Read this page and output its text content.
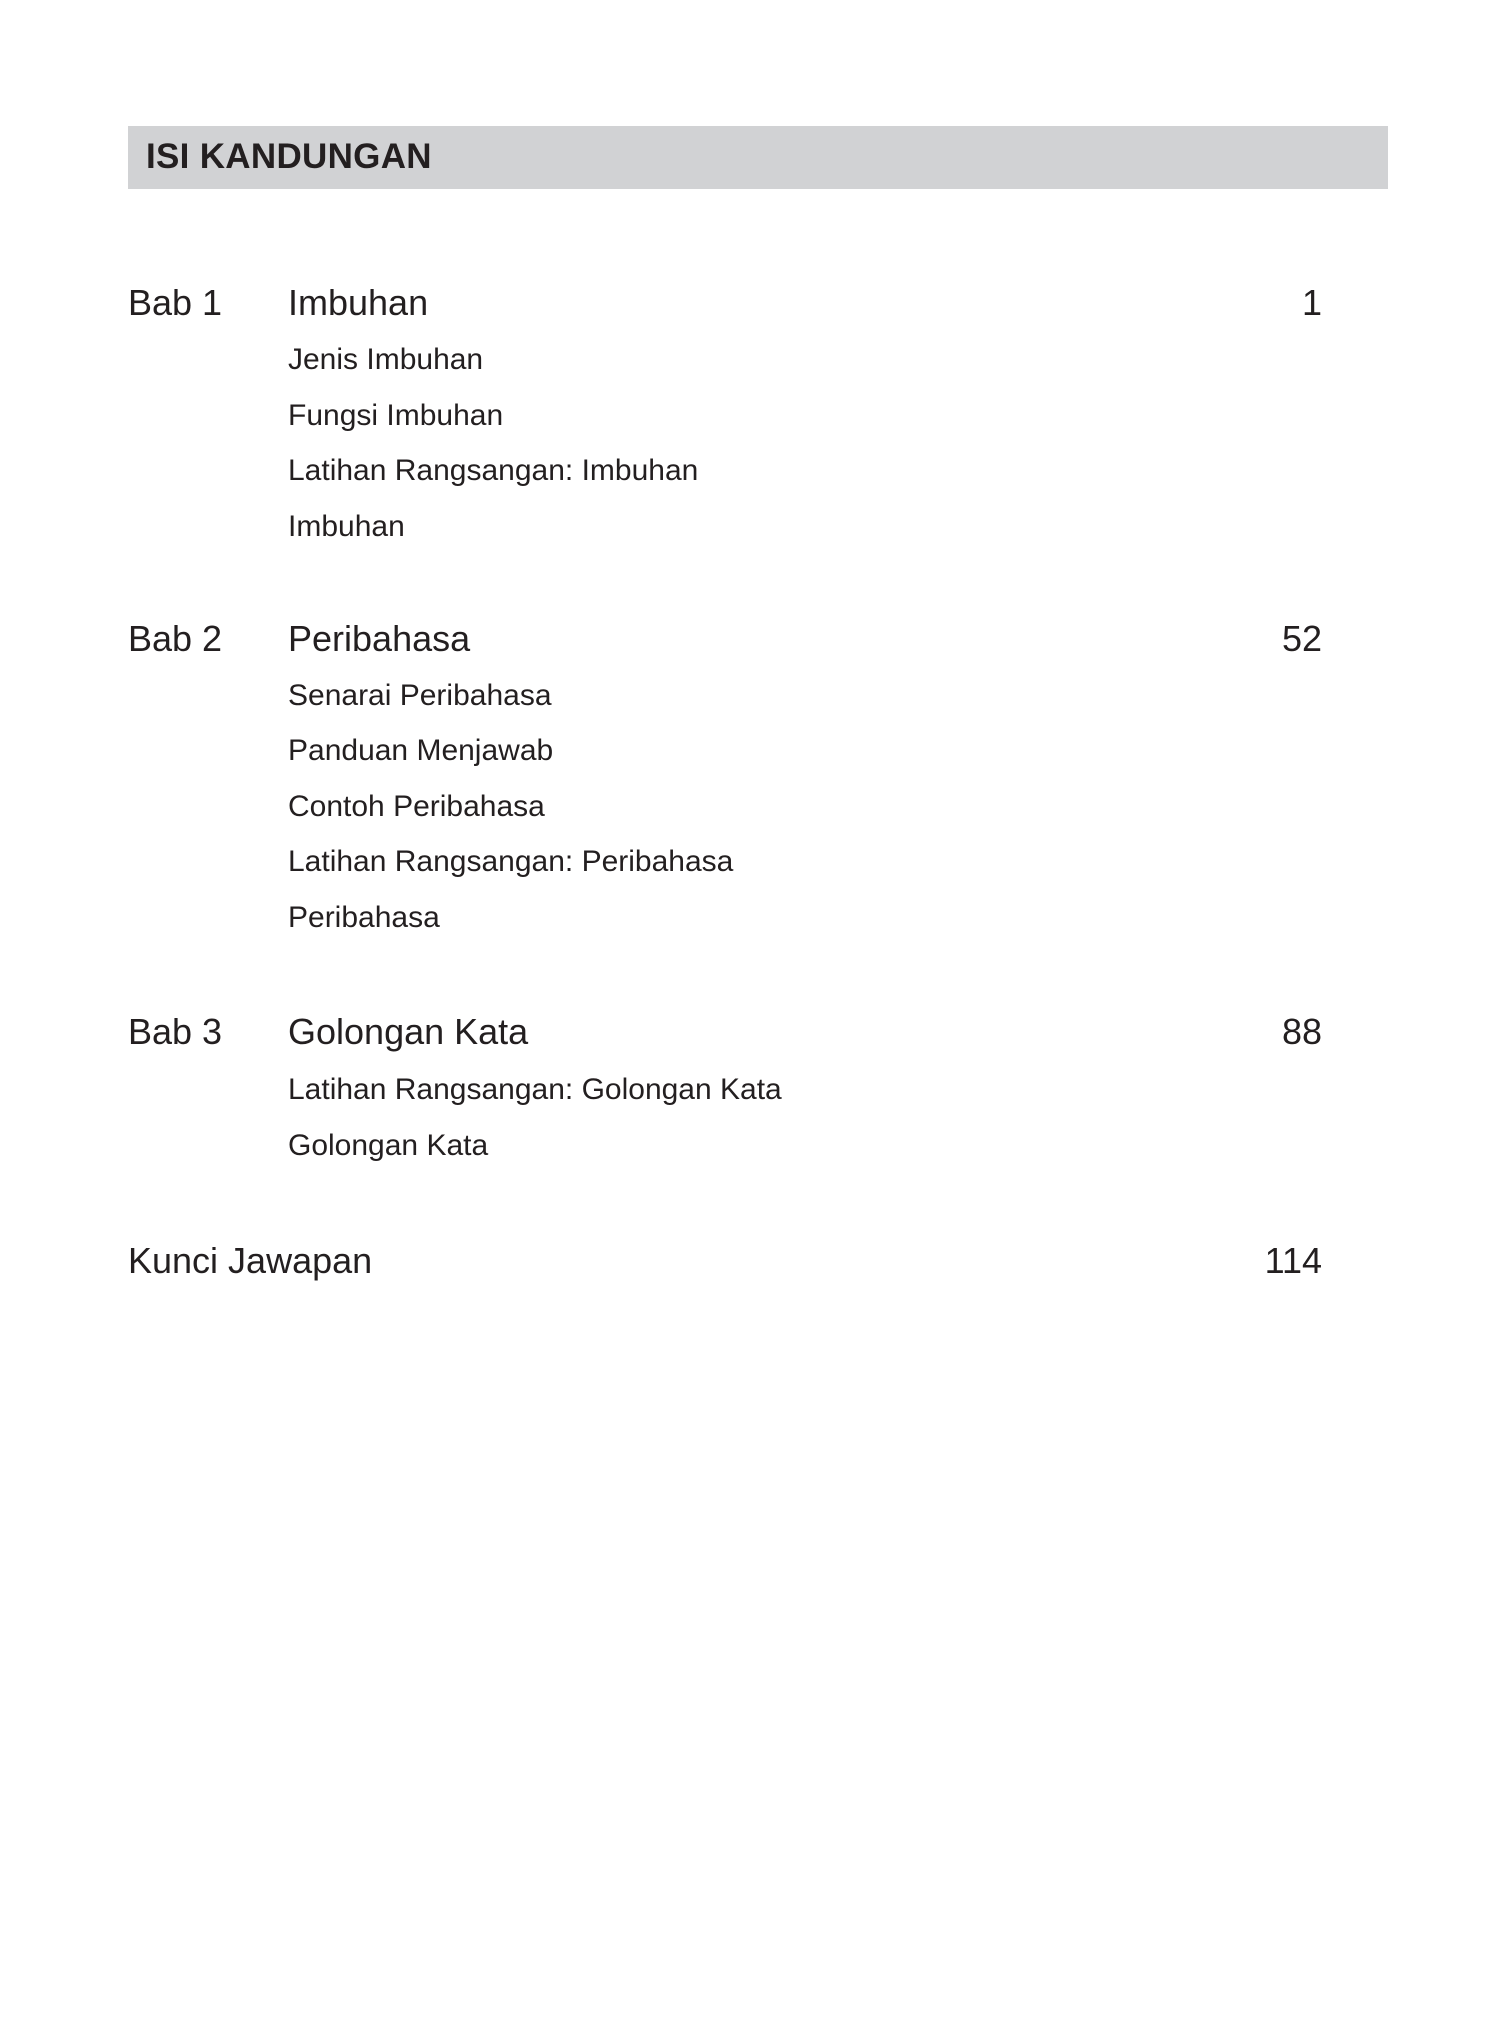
ISI KANDUNGAN
Bab 1 Imbuhan	1
Jenis Imbuhan
Fungsi Imbuhan
Latihan Rangsangan: Imbuhan
Imbuhan
Bab 2 Peribahasa	52
Senarai Peribahasa
Panduan Menjawab
Contoh Peribahasa
Latihan Rangsangan: Peribahasa
Peribahasa
Bab 3 Golongan Kata	88
Latihan Rangsangan: Golongan Kata
Golongan Kata
Kunci Jawapan	114
